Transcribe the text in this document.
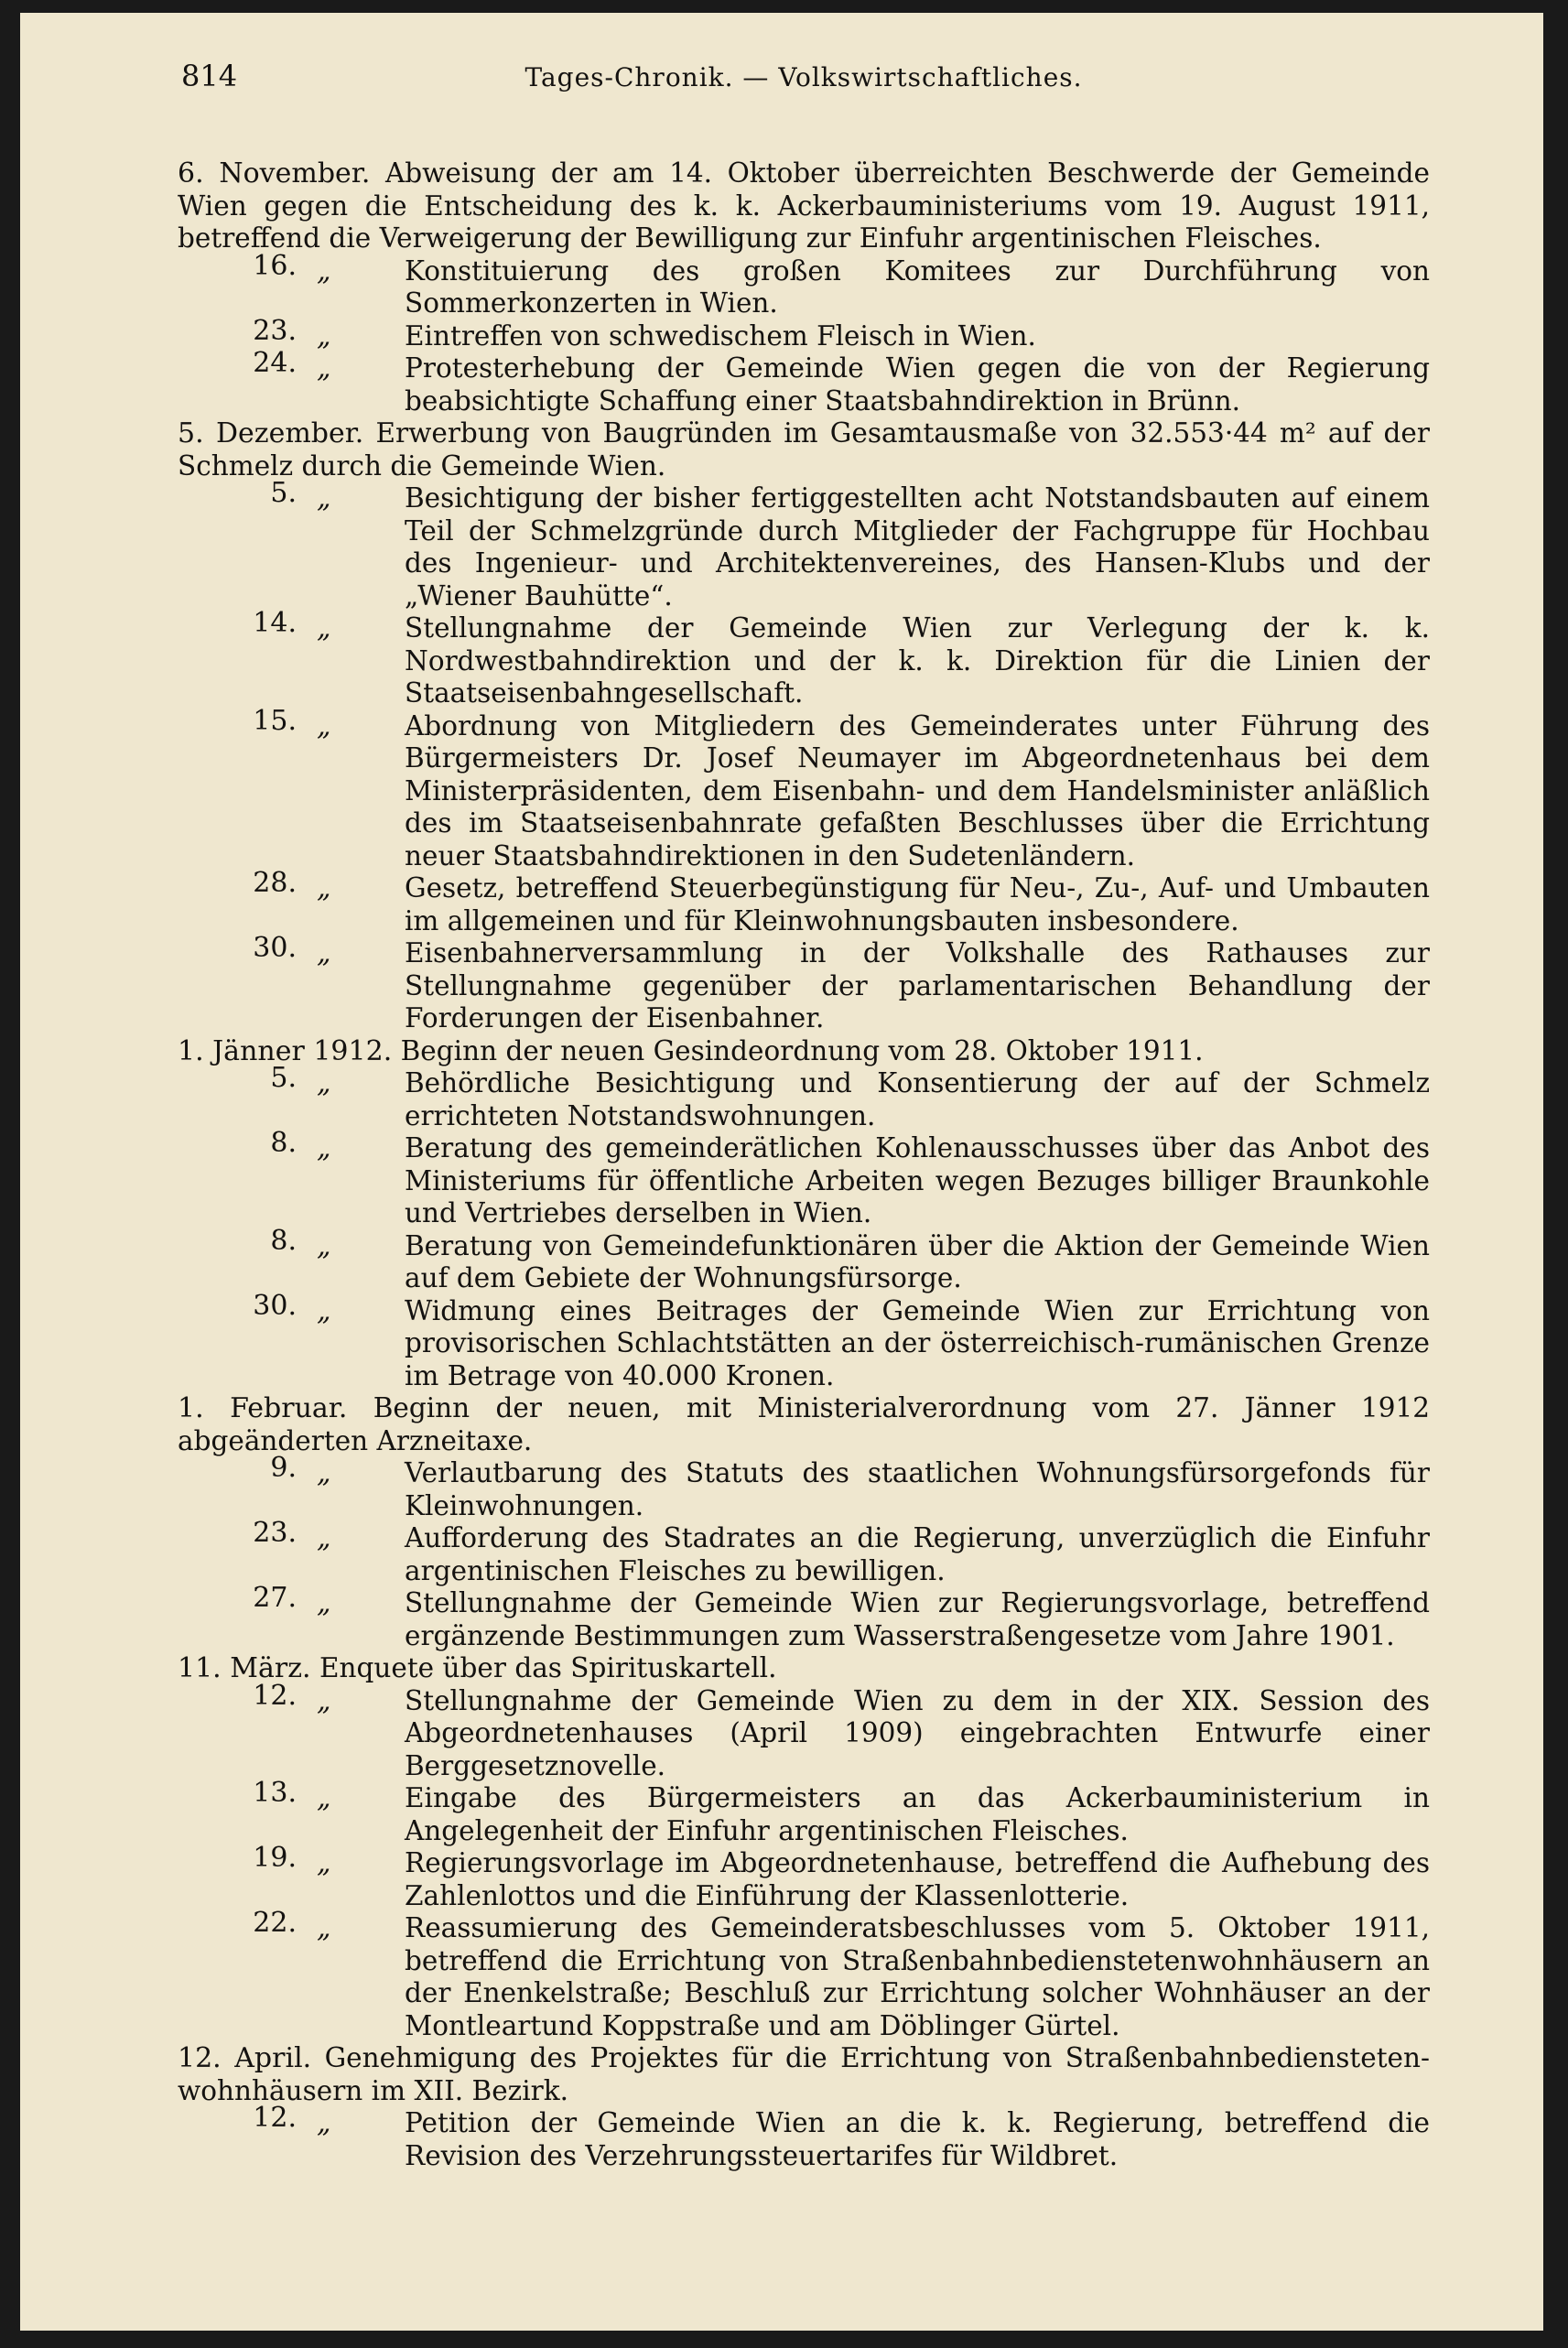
814	Tages-Chronik. — Volkswirtschaftliches.
6. November. Abweisung der am 14. Oktober überreichten Beschwerde der Gemeinde Wien gegen die Entscheidung des k. k. Ackerbauministeriums vom 19. August 1911, betreffend die Verweigerung der Bewilligung zur Einfuhr argentinischen Fleisches.
16. „	Konstituierung des großen Komitees zur Durchführung von Sommerkonzerten in Wien.
23. „	Eintreffen von schwedischem Fleisch in Wien.
24. „	Protesterhebung der Gemeinde Wien gegen die von der Regierung beabsichtigte Schaffung einer Staatsbahndirektion in Brünn.
5. Dezember. Erwerbung von Baugründen im Gesamtausmaße von 32.553·44 m² auf der Schmelz durch die Gemeinde Wien.
5. „	Besichtigung der bisher fertiggestellten acht Notstandsbauten auf einem Teil der Schmelzgründe durch Mitglieder der Fachgruppe für Hochbau des Ingenieur- und Architektenvereines, des Hansen-Klubs und der „Wiener Bauhütte“.
14. „	Stellungnahme der Gemeinde Wien zur Verlegung der k. k. Nordwestbahndirektion und der k. k. Direktion für die Linien der Staatseisenbahngesellschaft.
15. „	Abordnung von Mitgliedern des Gemeinderates unter Führung des Bürgermeisters Dr. Josef Neumayer im Abgeordnetenhaus bei dem Ministerpräsidenten, dem Eisenbahn- und dem Handelsminister anläßlich des im Staatseisenbahnrate gefaßten Beschlusses über die Errichtung neuer Staatsbahndirektionen in den Sudetenländern.
28. „	Gesetz, betreffend Steuerbegünstigung für Neu-, Zu-, Auf- und Umbauten im allgemeinen und für Kleinwohnungsbauten insbesondere.
30. „	Eisenbahnerversammlung in der Volkshalle des Rathauses zur Stellungnahme gegenüber der parlamentarischen Behandlung der Forderungen der Eisenbahner.
1. Jänner 1912. Beginn der neuen Gesindeordnung vom 28. Oktober 1911.
5. „	Behördliche Besichtigung und Konsentierung der auf der Schmelz errichteten Notstandswohnungen.
8. „	Beratung des gemeinderätlichen Kohlenausschusses über das Anbot des Ministeriums für öffentliche Arbeiten wegen Bezuges billiger Braunkohle und Vertriebes derselben in Wien.
8. „	Beratung von Gemeindefunktionären über die Aktion der Gemeinde Wien auf dem Gebiete der Wohnungsfürsorge.
30. „	Widmung eines Beitrages der Gemeinde Wien zur Errichtung von provisorischen Schlachtstätten an der österreichisch-rumänischen Grenze im Betrage von 40.000 Kronen.
1. Februar. Beginn der neuen, mit Ministerialverordnung vom 27. Jänner 1912 abgeänderten Arzneitaxe.
9. „	Verlautbarung des Statuts des staatlichen Wohnungsfürsorgefonds für Kleinwohnungen.
23. „	Aufforderung des Stadrates an die Regierung, unverzüglich die Einfuhr argentinischen Fleisches zu bewilligen.
27. „	Stellungnahme der Gemeinde Wien zur Regierungsvorlage, betreffend ergänzende Bestimmungen zum Wasserstraßengesetze vom Jahre 1901.
11. März. Enquete über das Spirituskartell.
12. „	Stellungnahme der Gemeinde Wien zu dem in der XIX. Session des Abgeordnetenhauses (April 1909) eingebrachten Entwurfe einer Berggesetznovelle.
13. „	Eingabe des Bürgermeisters an das Ackerbauministerium in Angelegenheit der Einfuhr argentinischen Fleisches.
19. „	Regierungsvorlage im Abgeordnetenhause, betreffend die Aufhebung des Zahlenlottos und die Einführung der Klassenlotterie.
22. „	Reassumierung des Gemeinderatsbeschlusses vom 5. Oktober 1911, betreffend die Errichtung von Straßenbahnbedienstetenwohnhäusern an der Enenkelstraße; Beschluß zur Errichtung solcher Wohnhäuser an der Montleartund Koppstraße und am Döblinger Gürtel.
12. April. Genehmigung des Projektes für die Errichtung von Straßenbahnbediensteten-wohnhäusern im XII. Bezirk.
12. „	Petition der Gemeinde Wien an die k. k. Regierung, betreffend die Revision des Verzehrungssteuertarifes für Wildbret.
